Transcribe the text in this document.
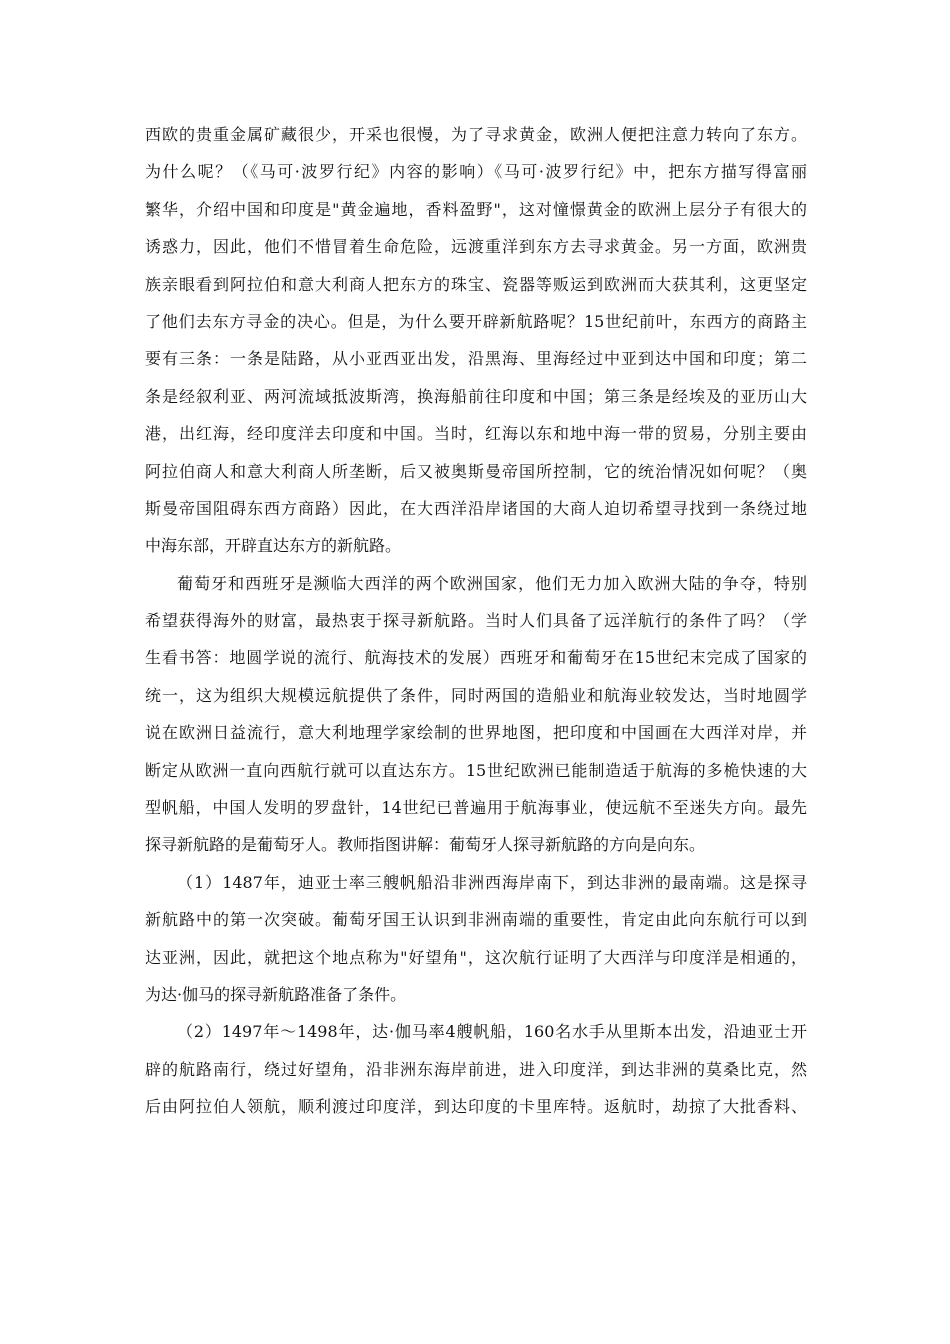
西欧的贵重金属矿藏很少，开采也很慢，为了寻求黄金，欧洲人便把注意力转向了东方。
为什么呢？（《马可·波罗行纪》内容的影响）《马可·波罗行纪》中，把东方描写得富丽
繁华，介绍中国和印度是"黄金遍地，香料盈野"，这对憧憬黄金的欧洲上层分子有很大的
诱惑力，因此，他们不惜冒着生命危险，远渡重洋到东方去寻求黄金。另一方面，欧洲贵
族亲眼看到阿拉伯和意大利商人把东方的珠宝、瓷器等贩运到欧洲而大获其利，这更坚定
了他们去东方寻金的决心。但是，为什么要开辟新航路呢？15世纪前叶，东西方的商路主
要有三条：一条是陆路，从小亚西亚出发，沿黑海、里海经过中亚到达中国和印度；第二
条是经叙利亚、两河流域抵波斯湾，换海船前往印度和中国；第三条是经埃及的亚历山大
港，出红海，经印度洋去印度和中国。当时，红海以东和地中海一带的贸易，分别主要由
阿拉伯商人和意大利商人所垄断，后又被奥斯曼帝国所控制，它的统治情况如何呢？（奥
斯曼帝国阻碍东西方商路）因此，在大西洋沿岸诸国的大商人迫切希望寻找到一条绕过地
中海东部，开辟直达东方的新航路。
葡萄牙和西班牙是濒临大西洋的两个欧洲国家，他们无力加入欧洲大陆的争夺，特别
希望获得海外的财富，最热衷于探寻新航路。当时人们具备了远洋航行的条件了吗？（学
生看书答：地圆学说的流行、航海技术的发展）西班牙和葡萄牙在15世纪末完成了国家的
统一，这为组织大规模远航提供了条件，同时两国的造船业和航海业较发达，当时地圆学
说在欧洲日益流行，意大利地理学家绘制的世界地图，把印度和中国画在大西洋对岸，并
断定从欧洲一直向西航行就可以直达东方。15世纪欧洲已能制造适于航海的多桅快速的大
型帆船，中国人发明的罗盘针，14世纪已普遍用于航海事业，使远航不至迷失方向。最先
探寻新航路的是葡萄牙人。教师指图讲解：葡萄牙人探寻新航路的方向是向东。
（1）1487年，迪亚士率三艘帆船沿非洲西海岸南下，到达非洲的最南端。这是探寻
新航路中的第一次突破。葡萄牙国王认识到非洲南端的重要性，肯定由此向东航行可以到
达亚洲，因此，就把这个地点称为"好望角"，这次航行证明了大西洋与印度洋是相通的，
为达·伽马的探寻新航路准备了条件。
（2）1497年～1498年，达·伽马率4艘帆船，160名水手从里斯本出发，沿迪亚士开
辟的航路南行，绕过好望角，沿非洲东海岸前进，进入印度洋，到达非洲的莫桑比克，然
后由阿拉伯人领航，顺利渡过印度洋，到达印度的卡里库特。返航时，劫掠了大批香料、
